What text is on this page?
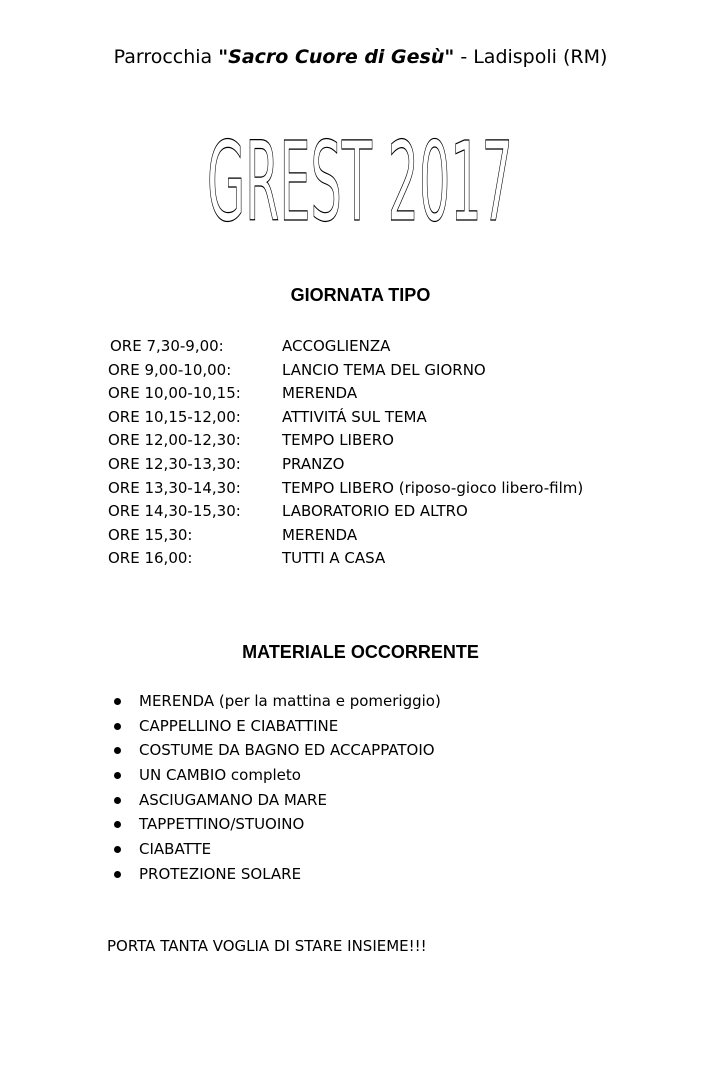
Parrocchia "Sacro Cuore di Gesù" - Ladispoli (RM)
GREST 2017
GIORNATA TIPO
ORE 7,30-9,00:	ACCOGLIENZA
ORE 9,00-10,00:	LANCIO TEMA DEL GIORNO
ORE 10,00-10,15:	MERENDA
ORE 10,15-12,00:	ATTIVITÁ SUL TEMA
ORE 12,00-12,30:	TEMPO LIBERO
ORE 12,30-13,30:	PRANZO
ORE 13,30-14,30:	TEMPO LIBERO (riposo-gioco libero-film)
ORE 14,30-15,30:	LABORATORIO ED ALTRO
ORE 15,30:	MERENDA
ORE 16,00:	TUTTI A CASA
MATERIALE OCCORRENTE
MERENDA (per la mattina e pomeriggio)
CAPPELLINO E CIABATTINE
COSTUME DA BAGNO ED ACCAPPATOIO
UN CAMBIO completo
ASCIUGAMANO DA MARE
TAPPETTINO/STUOINO
CIABATTE
PROTEZIONE SOLARE
PORTA TANTA VOGLIA DI STARE INSIEME!!!
